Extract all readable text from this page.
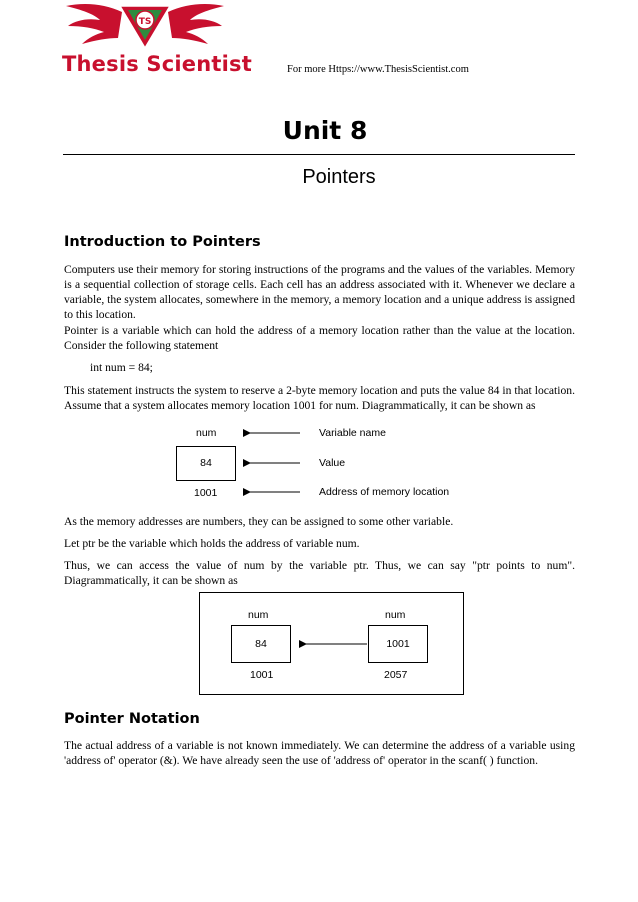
TS
Thesis Scientist	For more Https://www.ThesisScientist.com
Unit 8
Pointers
Introduction to Pointers
Computers use their memory for storing instructions of the programs and the values of the variables. Memory is a sequential collection of storage cells. Each cell has an address associated with it. Whenever we declare a variable, the system allocates, somewhere in the memory, a memory location and a unique address is assigned to this location.
Pointer is a variable which can hold the address of a memory location rather than the value at the location. Consider the following statement
int num = 84;
This statement instructs the system to reserve a 2-byte memory location and puts the value 84 in that location. Assume that a system allocates memory location 1001 for num. Diagrammatically, it can be shown as
num
84
1001
Variable name
Value
Address of memory location
As the memory addresses are numbers, they can be assigned to some other variable.
Let ptr be the variable which holds the address of variable num.
Thus, we can access the value of num by the variable ptr. Thus, we can say "ptr points to num". Diagrammatically, it can be shown as
num
84
1001
num
1001
2057
Pointer Notation
The actual address of a variable is not known immediately. We can determine the address of a variable using 'address of' operator (&). We have already seen the use of 'address of' operator in the scanf( ) function.
